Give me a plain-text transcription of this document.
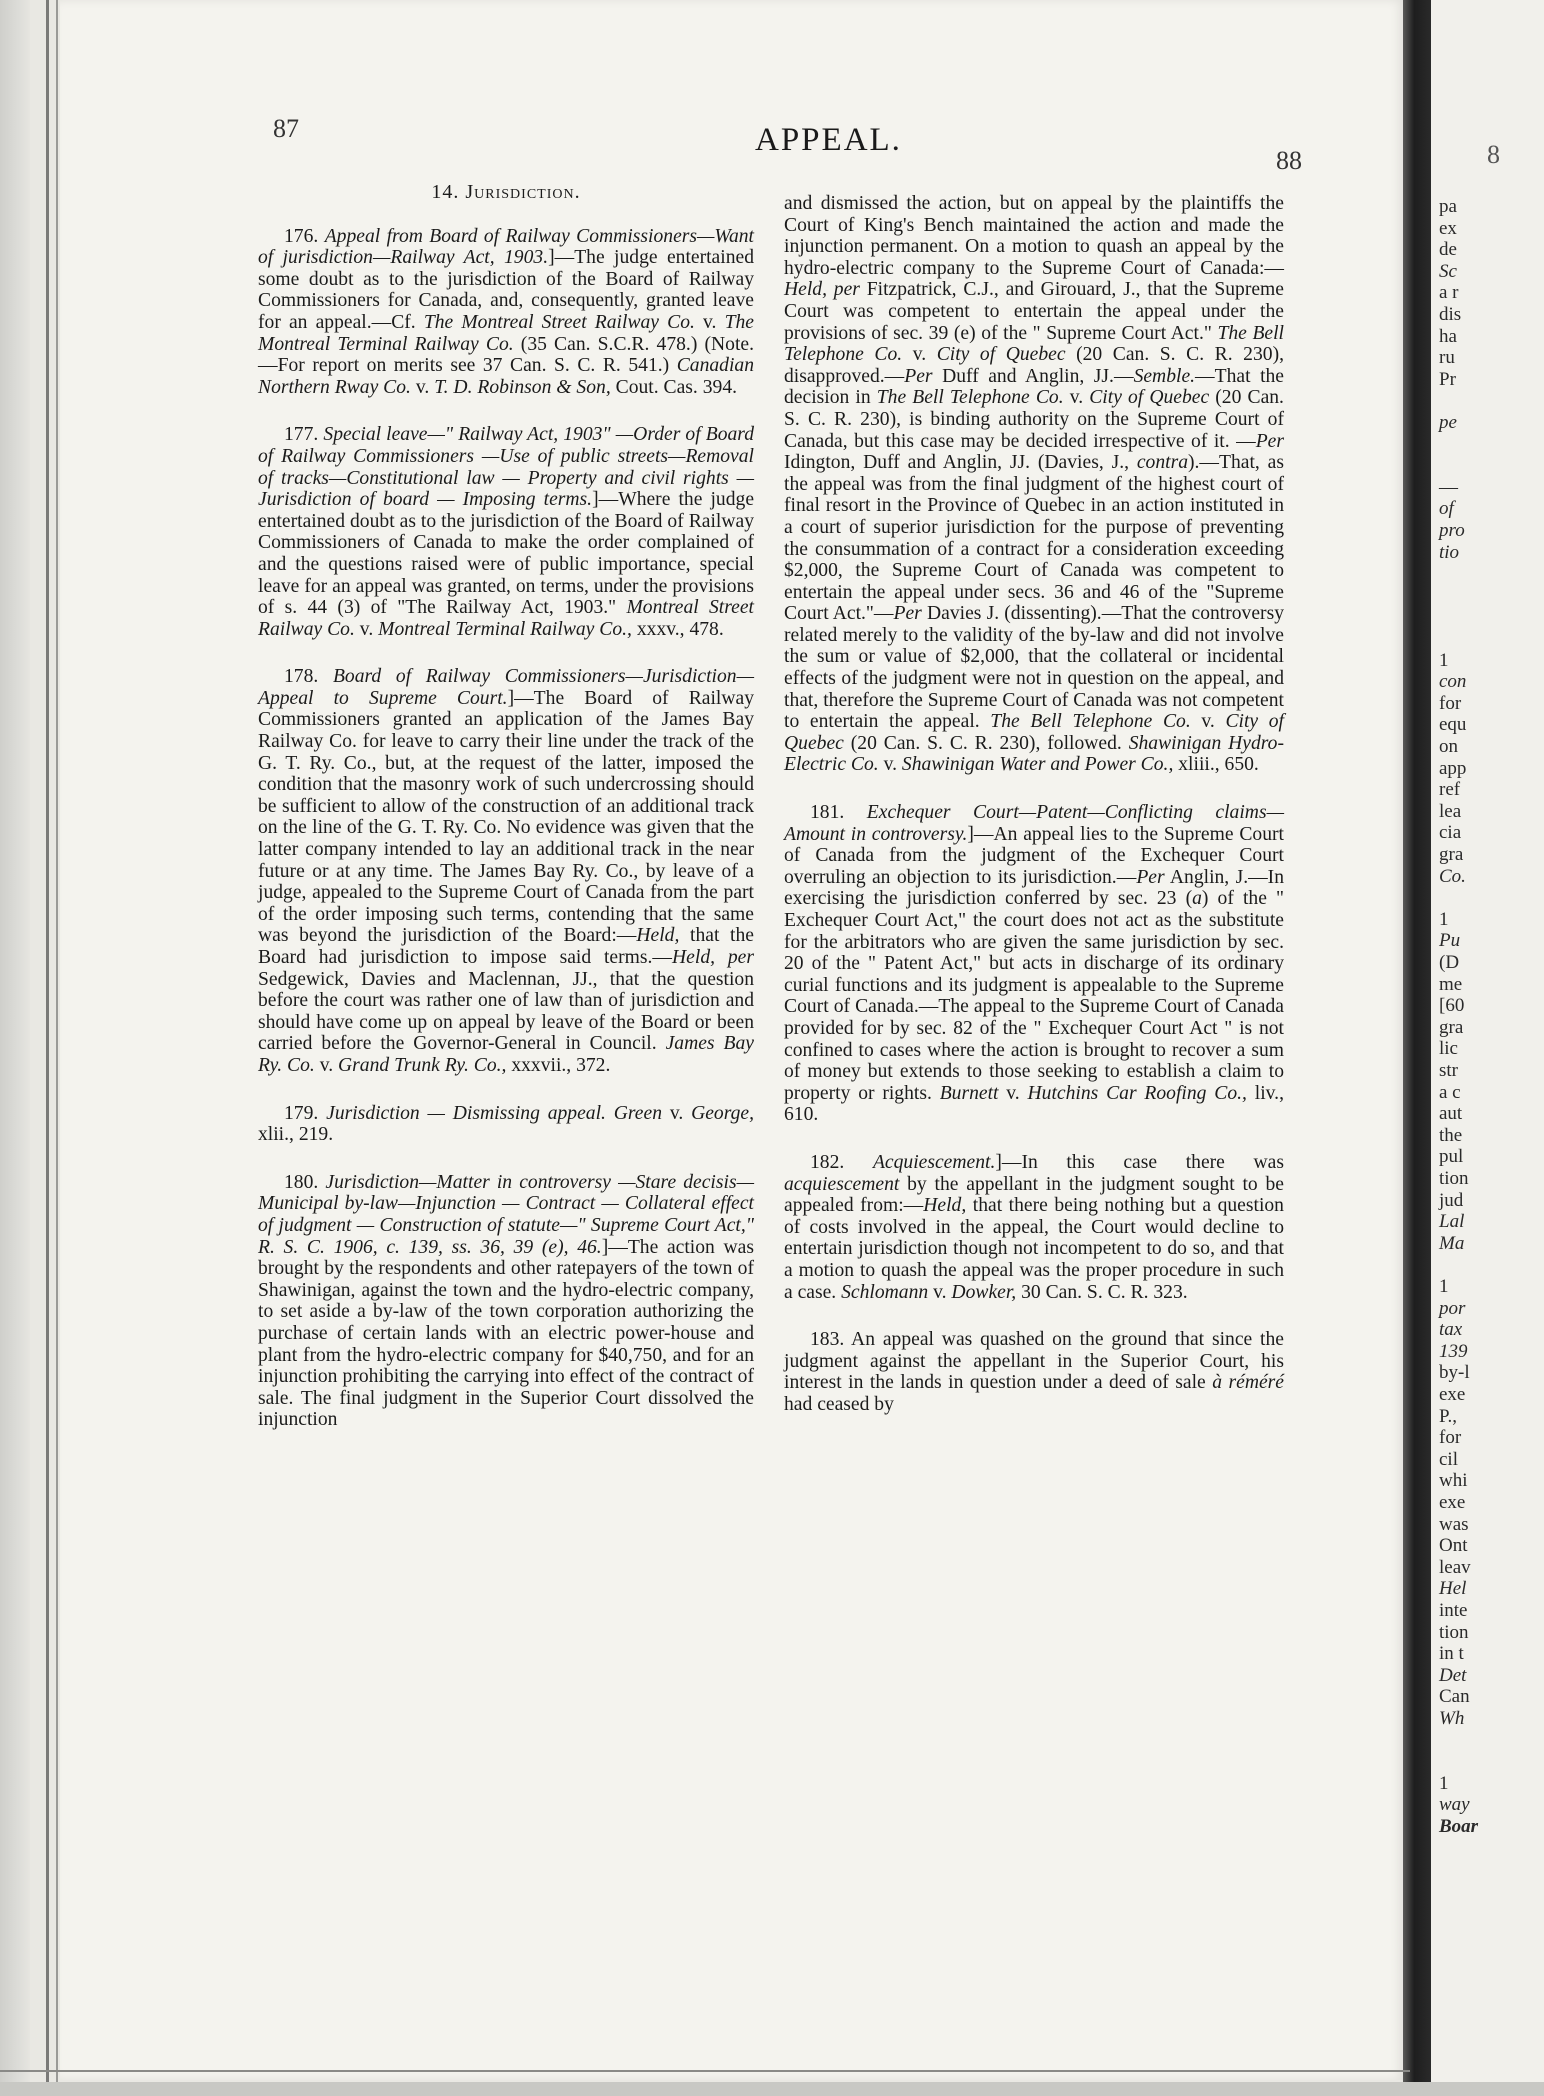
8
pa
ex
de
Sc
a r
dis
ha
ru
Pr
pe
—
of
pro
tio
1
con
for
equ
on
app
ref
lea
cia
gra
Co.
1
Pu
(D
me
[60
gra
lic
str
a c
aut
the
pul
tion
jud
Lal
Ma
1
por
tax
139
by-l
exe
P.,
for
cil
whi
exe
was
Ont
leav
Hel
inte
tion
in t
Det
Can
Wh
1
way
Boar
87	APPEAL.
88
14. Jurisdiction.

176. Appeal from Board of Railway Commissioners—Want of jurisdiction—Railway Act, 1903.]—The judge entertained some doubt as to the jurisdiction of the Board of Railway Commissioners for Canada, and, consequently, granted leave for an appeal.—Cf. The Montreal Street Railway Co. v. The Montreal Terminal Railway Co. (35 Can. S.C.R. 478.) (Note.—For report on merits see 37 Can. S. C. R. 541.) Canadian Northern Rway Co. v. T. D. Robinson & Son, Cout. Cas. 394.

177. Special leave—" Railway Act, 1903" —Order of Board of Railway Commissioners —Use of public streets—Removal of tracks—Constitutional law — Property and civil rights — Jurisdiction of board — Imposing terms.]—Where the judge entertained doubt as to the jurisdiction of the Board of Railway Commissioners of Canada to make the order complained of and the questions raised were of public importance, special leave for an appeal was granted, on terms, under the provisions of s. 44 (3) of "The Railway Act, 1903." Montreal Street Railway Co. v. Montreal Terminal Railway Co., xxxv., 478.

178. Board of Railway Commissioners—Jurisdiction—Appeal to Supreme Court.]—The Board of Railway Commissioners granted an application of the James Bay Railway Co. for leave to carry their line under the track of the G. T. Ry. Co., but, at the request of the latter, imposed the condition that the masonry work of such undercrossing should be sufficient to allow of the construction of an additional track on the line of the G. T. Ry. Co. No evidence was given that the latter company intended to lay an additional track in the near future or at any time. The James Bay Ry. Co., by leave of a judge, appealed to the Supreme Court of Canada from the part of the order imposing such terms, contending that the same was beyond the jurisdiction of the Board:—Held, that the Board had jurisdiction to impose said terms.—Held, per Sedgewick, Davies and Maclennan, JJ., that the question before the court was rather one of law than of jurisdiction and should have come up on appeal by leave of the Board or been carried before the Governor-General in Council. James Bay Ry. Co. v. Grand Trunk Ry. Co., xxxvii., 372.

179. Jurisdiction — Dismissing appeal. Green v. George, xlii., 219.

180. Jurisdiction—Matter in controversy —Stare decisis—Municipal by-law—Injunction — Contract — Collateral effect of judgment — Construction of statute—" Supreme Court Act," R. S. C. 1906, c. 139, ss. 36, 39 (e), 46.]—The action was brought by the respondents and other ratepayers of the town of Shawinigan, against the town and the hydro-electric company, to set aside a by-law of the town corporation authorizing the purchase of certain lands with an electric power-house and plant from the hydro-electric company for $40,750, and for an injunction prohibiting the carrying into effect of the contract of sale. The final judgment in the Superior Court dissolved the injunction

and dismissed the action, but on appeal by the plaintiffs the Court of King's Bench maintained the action and made the injunction permanent. On a motion to quash an appeal by the hydro-electric company to the Supreme Court of Canada:—Held, per Fitzpatrick, C.J., and Girouard, J., that the Supreme Court was competent to entertain the appeal under the provisions of sec. 39 (e) of the " Supreme Court Act." The Bell Telephone Co. v. City of Quebec (20 Can. S. C. R. 230), disapproved.—Per Duff and Anglin, JJ.—Semble.—That the decision in The Bell Telephone Co. v. City of Quebec (20 Can. S. C. R. 230), is binding authority on the Supreme Court of Canada, but this case may be decided irrespective of it. —Per Idington, Duff and Anglin, JJ. (Davies, J., contra).—That, as the appeal was from the final judgment of the highest court of final resort in the Province of Quebec in an action instituted in a court of superior jurisdiction for the purpose of preventing the consummation of a contract for a consideration exceeding $2,000, the Supreme Court of Canada was competent to entertain the appeal under secs. 36 and 46 of the "Supreme Court Act."—Per Davies J. (dissenting).—That the controversy related merely to the validity of the by-law and did not involve the sum or value of $2,000, that the collateral or incidental effects of the judgment were not in question on the appeal, and that, therefore the Supreme Court of Canada was not competent to entertain the appeal. The Bell Telephone Co. v. City of Quebec (20 Can. S. C. R. 230), followed. Shawinigan Hydro-Electric Co. v. Shawinigan Water and Power Co., xliii., 650.

181. Exchequer Court—Patent—Conflicting claims—Amount in controversy.]—An appeal lies to the Supreme Court of Canada from the judgment of the Exchequer Court overruling an objection to its jurisdiction.—Per Anglin, J.—In exercising the jurisdiction conferred by sec. 23 (a) of the " Exchequer Court Act," the court does not act as the substitute for the arbitrators who are given the same jurisdiction by sec. 20 of the " Patent Act," but acts in discharge of its ordinary curial functions and its judgment is appealable to the Supreme Court of Canada.—The appeal to the Supreme Court of Canada provided for by sec. 82 of the " Exchequer Court Act " is not confined to cases where the action is brought to recover a sum of money but extends to those seeking to establish a claim to property or rights. Burnett v. Hutchins Car Roofing Co., liv., 610.

182. Acquiescement.]—In this case there was acquiescement by the appellant in the judgment sought to be appealed from:—Held, that there being nothing but a question of costs involved in the appeal, the Court would decline to entertain jurisdiction though not incompetent to do so, and that a motion to quash the appeal was the proper procedure in such a case. Schlomann v. Dowker, 30 Can. S. C. R. 323.

183. An appeal was quashed on the ground that since the judgment against the appellant in the Superior Court, his interest in the lands in question under a deed of sale à réméré had ceased by
